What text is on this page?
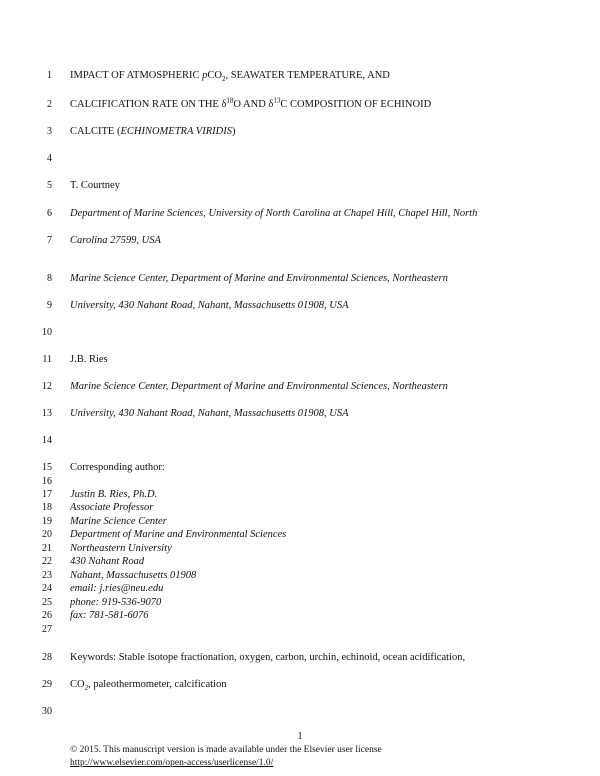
1 IMPACT OF ATMOSPHERIC pCO$_2$, SEAWATER TEMPERATURE, AND
2 CALCIFICATION RATE ON THE $\delta^{18}O$ AND $\delta^{13}C$ COMPOSITION OF ECHINOID
3 CALCITE (ECHINOMETRA VIRIDIS)
4
5 T. Courtney
6 Department of Marine Sciences, University of North Carolina at Chapel Hill, Chapel Hill, North
7 Carolina 27599, USA
8 Marine Science Center, Department of Marine and Environmental Sciences, Northeastern
9 University, 430 Nahant Road, Nahant, Massachusetts 01908, USA
10
11 J.B. Ries
12 Marine Science Center, Department of Marine and Environmental Sciences, Northeastern
13 University, 430 Nahant Road, Nahant, Massachusetts 01908, USA
14
15 Corresponding author:
16
17 Justin B. Ries, Ph.D.
18 Associate Professor
19 Marine Science Center
20 Department of Marine and Environmental Sciences
21 Northeastern University
22 430 Nahant Road
23 Nahant, Massachusetts 01908
24 email: j.ries@neu.edu
25 phone: 919-536-9070
26 fax: 781-581-6076
27
28 Keywords: Stable isotope fractionation, oxygen, carbon, urchin, echinoid, ocean acidification,
29 $CO_2$, paleothermometer, calcification
30
1
© 2015. This manuscript version is made available under the Elsevier user license
http://www.elsevier.com/open-access/userlicense/1.0/
